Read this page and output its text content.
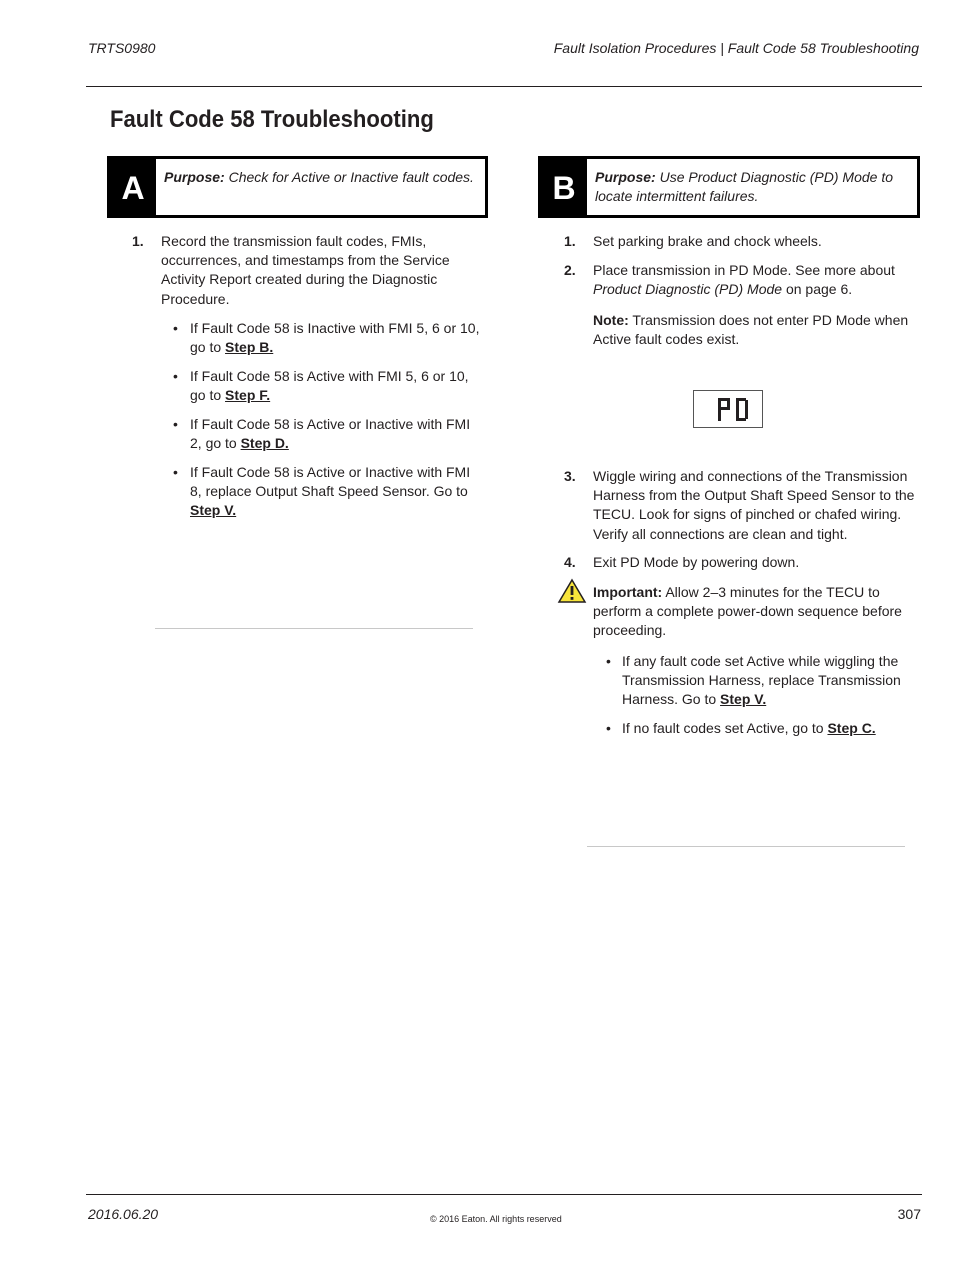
TRTS0980	Fault Isolation Procedures | Fault Code 58 Troubleshooting
Fault Code 58 Troubleshooting
A	Purpose: Check for Active or Inactive fault codes.
1. Record the transmission fault codes, FMIs, occurrences, and timestamps from the Service Activity Report created during the Diagnostic Procedure.
• If Fault Code 58 is Inactive with FMI 5, 6 or 10, go to Step B.
• If Fault Code 58 is Active with FMI 5, 6 or 10, go to Step F.
• If Fault Code 58 is Active or Inactive with FMI 2, go to Step D.
• If Fault Code 58 is Active or Inactive with FMI 8, replace Output Shaft Speed Sensor. Go to Step V.
B	Purpose: Use Product Diagnostic (PD) Mode to locate intermittent failures.
1. Set parking brake and chock wheels.
2. Place transmission in PD Mode. See more about Product Diagnostic (PD) Mode on page 6.
Note: Transmission does not enter PD Mode when Active fault codes exist.
3. Wiggle wiring and connections of the Transmission Harness from the Output Shaft Speed Sensor to the TECU. Look for signs of pinched or chafed wiring. Verify all connections are clean and tight.
4. Exit PD Mode by powering down.
Important: Allow 2–3 minutes for the TECU to perform a complete power-down sequence before proceeding.
• If any fault code set Active while wiggling the Transmission Harness, replace Transmission Harness. Go to Step V.
• If no fault codes set Active, go to Step C.
2016.06.20	© 2016 Eaton. All rights reserved	307
